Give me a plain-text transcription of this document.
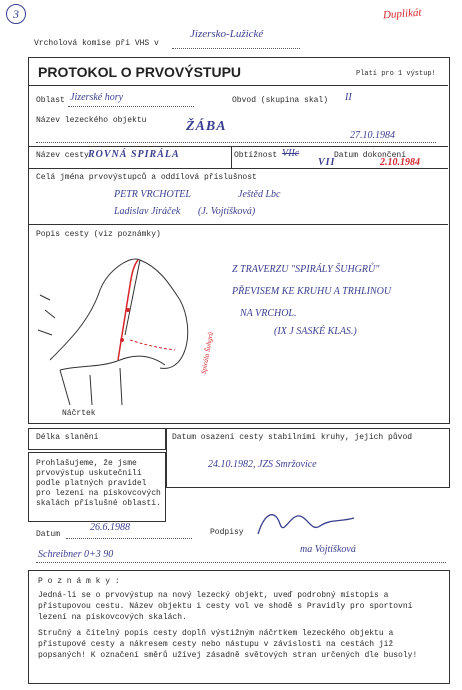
3	Duplikát
Vrcholová komise při VHS v
Jizersko-Lužické
PROTOKOL O PRVOVÝSTUPU	Platí pro 1 výstup!
Oblast Jizerské hory	Obvod (skupina skal) II
Název lezeckého objektu	ŽÁBA
27.10.1984
Název cesty ROVNÁ SPIRÁLA	Obtížnost VIIc
VII
Datum dokončení
2.10.1984
Celá jména prvovýstupců a oddílová příslušnost
PETR VRCHOTEL	Ještěd Lbc
Ladislav Jiráček (J. Vojtíšková)
Popis cesty (viz poznámky)
Spirála Šuhgrů
Z TRAVERZU "SPIRÁLY ŠUHGRŮ"
PŘEVISEM KE KRUHU A TRHLINOU
NA VRCHOL.
(IX J SASKÉ KLAS.)
Náčrtek
Délka slanění	Datum osazení cesty stabilními kruhy, jejich původ
24.10.1982, JZS Smržovice
Prohlašujeme, že jsme prvovýstup uskutečnili podle platných pravidel pro lezení na pískovcových skalách příslušné oblasti.
Datum
26.6.1988	Podpisy
Schreibner 0+3 90	ma Vojtíšková
P o z n á m k y :
Jedná-li se o prvovýstup na nový lezecký objekt, uveď podrobný místopis a přístupovou cestu. Název objektu i cesty vol ve shodě s Pravidly pro sportovní lezení na pískovcových skalách.
Stručný a čitelný popis cesty doplň výstižným náčrtkem lezeckého objektu a přístupové cesty a nákresem cesty nebo nástupu v závislosti na cestách již popsaných! K označení směrů užívej zásadně světových stran určených dle busoly!
